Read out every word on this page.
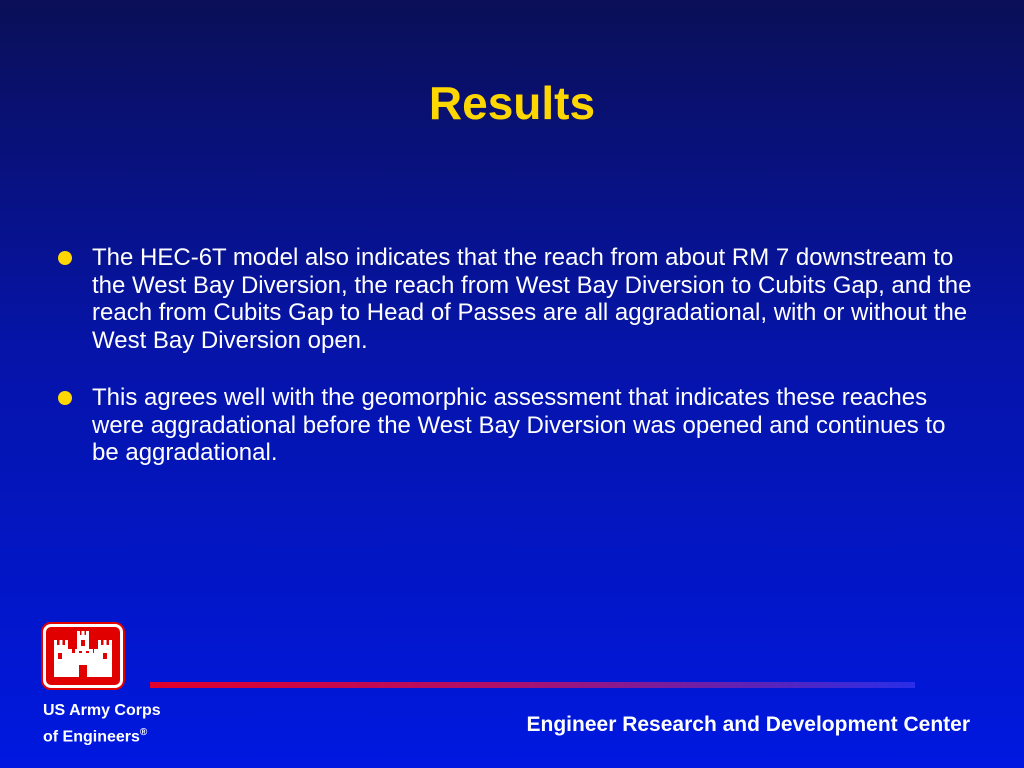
Results
The HEC-6T model also indicates that the reach from about RM 7 downstream to the West Bay Diversion, the reach from West Bay Diversion to Cubits Gap, and the reach from Cubits Gap to Head of Passes are all aggradational, with or without the West Bay Diversion open.
This agrees well with the geomorphic assessment that indicates these reaches were aggradational before the West Bay Diversion was opened and continues to be aggradational.
US Army Corps
of Engineers®	Engineer Research and Development Center
